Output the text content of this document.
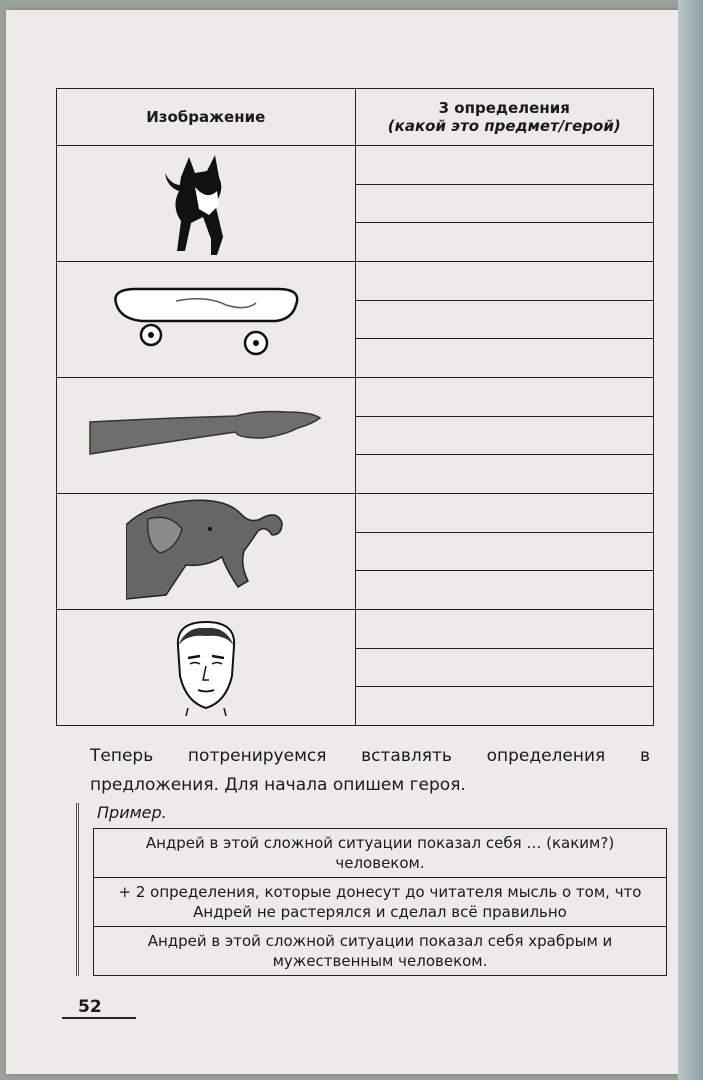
Изображение	3 определения
(какой это предмет/герой)

Теперь потренируемся вставлять определения в предложения. Для начала опишем героя.
Пример.
Андрей в этой сложной ситуации показал себя … (каким?) человеком.
+ 2 определения, которые донесут до читателя мысль о том, что Андрей не растерялся и сделал всё правильно
Андрей в этой сложной ситуации показал себя храбрым и мужественным человеком.
52
